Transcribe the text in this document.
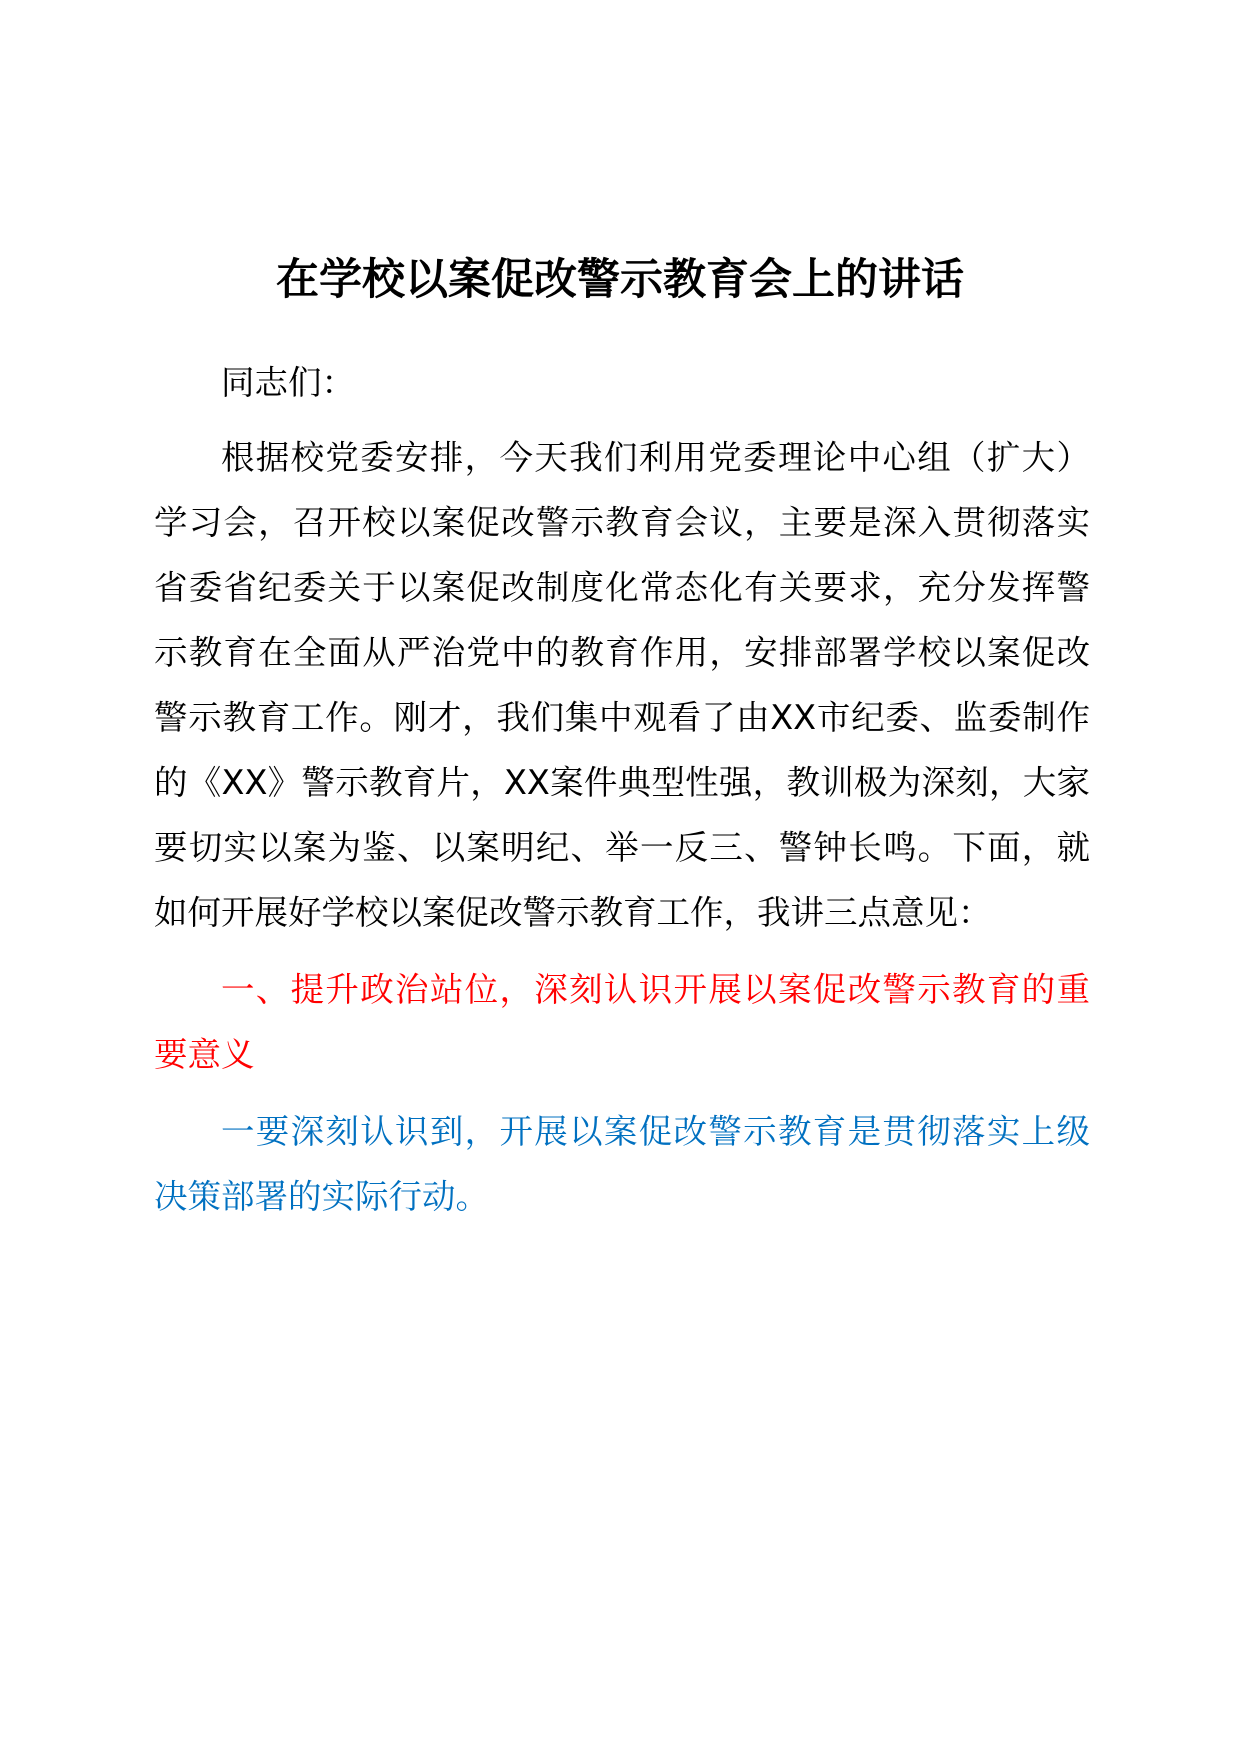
在学校以案促改警示教育会上的讲话

同志们：

根据校党委安排，今天我们利用党委理论中心组（扩大）学习会，召开校以案促改警示教育会议，主要是深入贯彻落实省委省纪委关于以案促改制度化常态化有关要求，充分发挥警示教育在全面从严治党中的教育作用，安排部署学校以案促改警示教育工作。刚才，我们集中观看了由XX市纪委、监委制作的《XX》警示教育片，XX案件典型性强，教训极为深刻，大家要切实以案为鉴、以案明纪、举一反三、警钟长鸣。下面，就如何开展好学校以案促改警示教育工作，我讲三点意见：

一、提升政治站位，深刻认识开展以案促改警示教育的重要意义

一要深刻认识到，开展以案促改警示教育是贯彻落实上级决策部署的实际行动。
